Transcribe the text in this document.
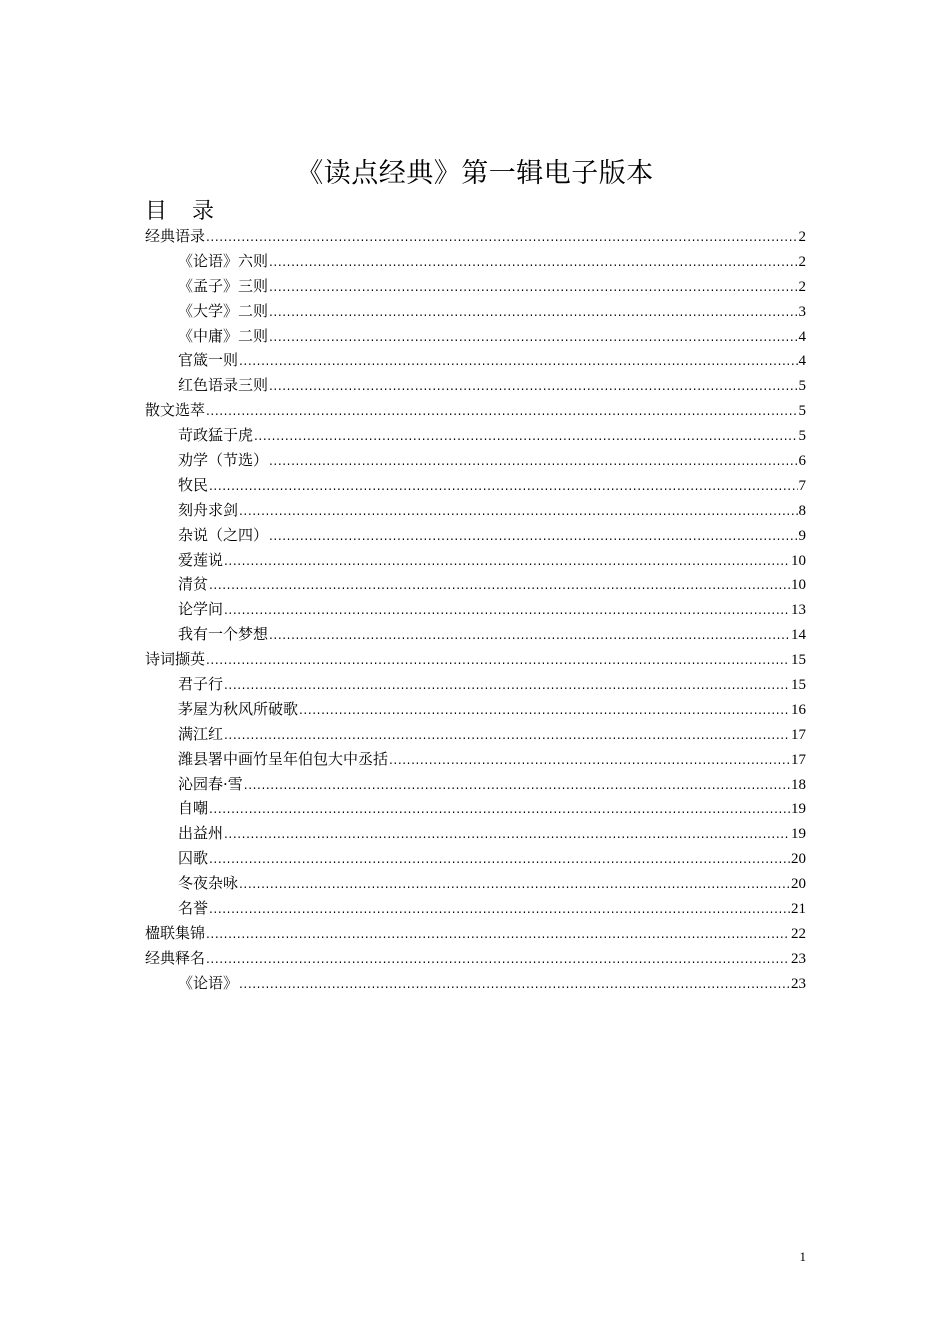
《读点经典》第一辑电子版本
目 录
经典语录 .....	2
《论语》六则 .....	2
《孟子》三则 .....	2
《大学》二则 .....	3
《中庸》二则 .....	4
官箴一则 .....	4
红色语录三则 .....	5
散文选萃 .....	5
苛政猛于虎 .....	5
劝学（节选） .....	6
牧民 .....	7
刻舟求剑 .....	8
杂说（之四） .....	9
爱莲说 .....	10
清贫 .....	10
论学问 .....	13
我有一个梦想 .....	14
诗词撷英 .....	15
君子行 .....	15
茅屋为秋风所破歌 .....	16
满江红 .....	17
潍县署中画竹呈年伯包大中丞括 .....	17
沁园春·雪 .....	18
自嘲 .....	19
出益州 .....	19
囚歌 .....	20
冬夜杂咏 .....	20
名誉 .....	21
楹联集锦 .....	22
经典释名 .....	23
《论语》 .....	23
1
